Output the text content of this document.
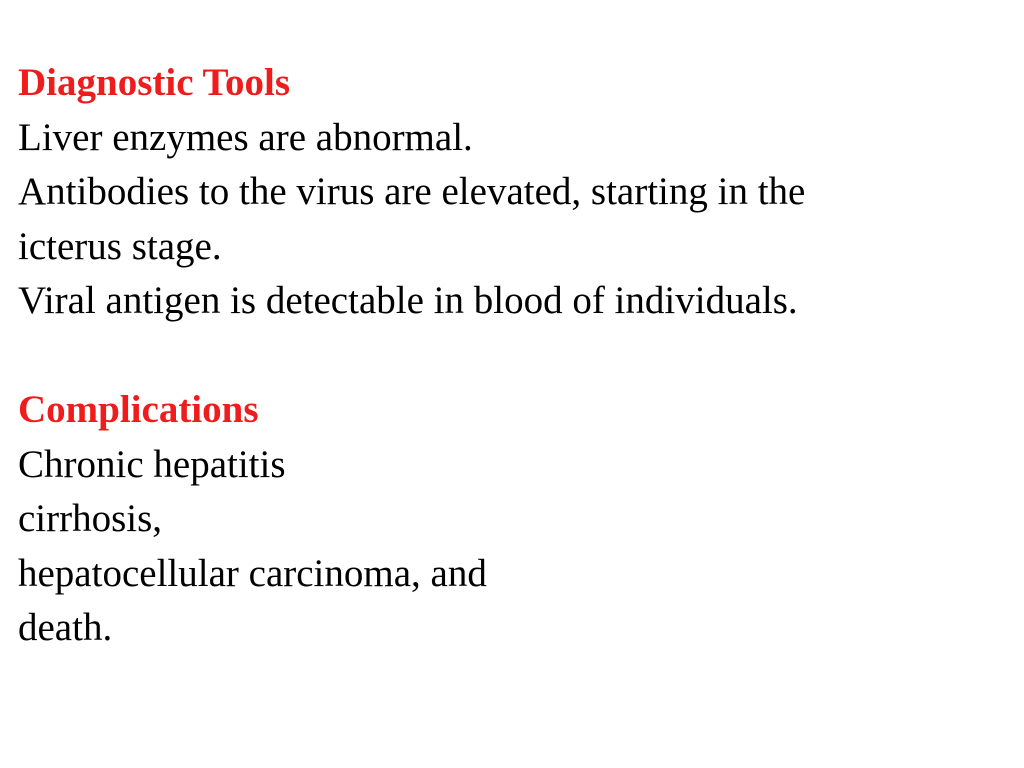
Diagnostic Tools
Liver enzymes are abnormal.
Antibodies to the virus are elevated, starting in the
icterus stage.
Viral antigen is detectable in blood of individuals.
Complications
Chronic hepatitis
cirrhosis,
hepatocellular carcinoma, and
death.
